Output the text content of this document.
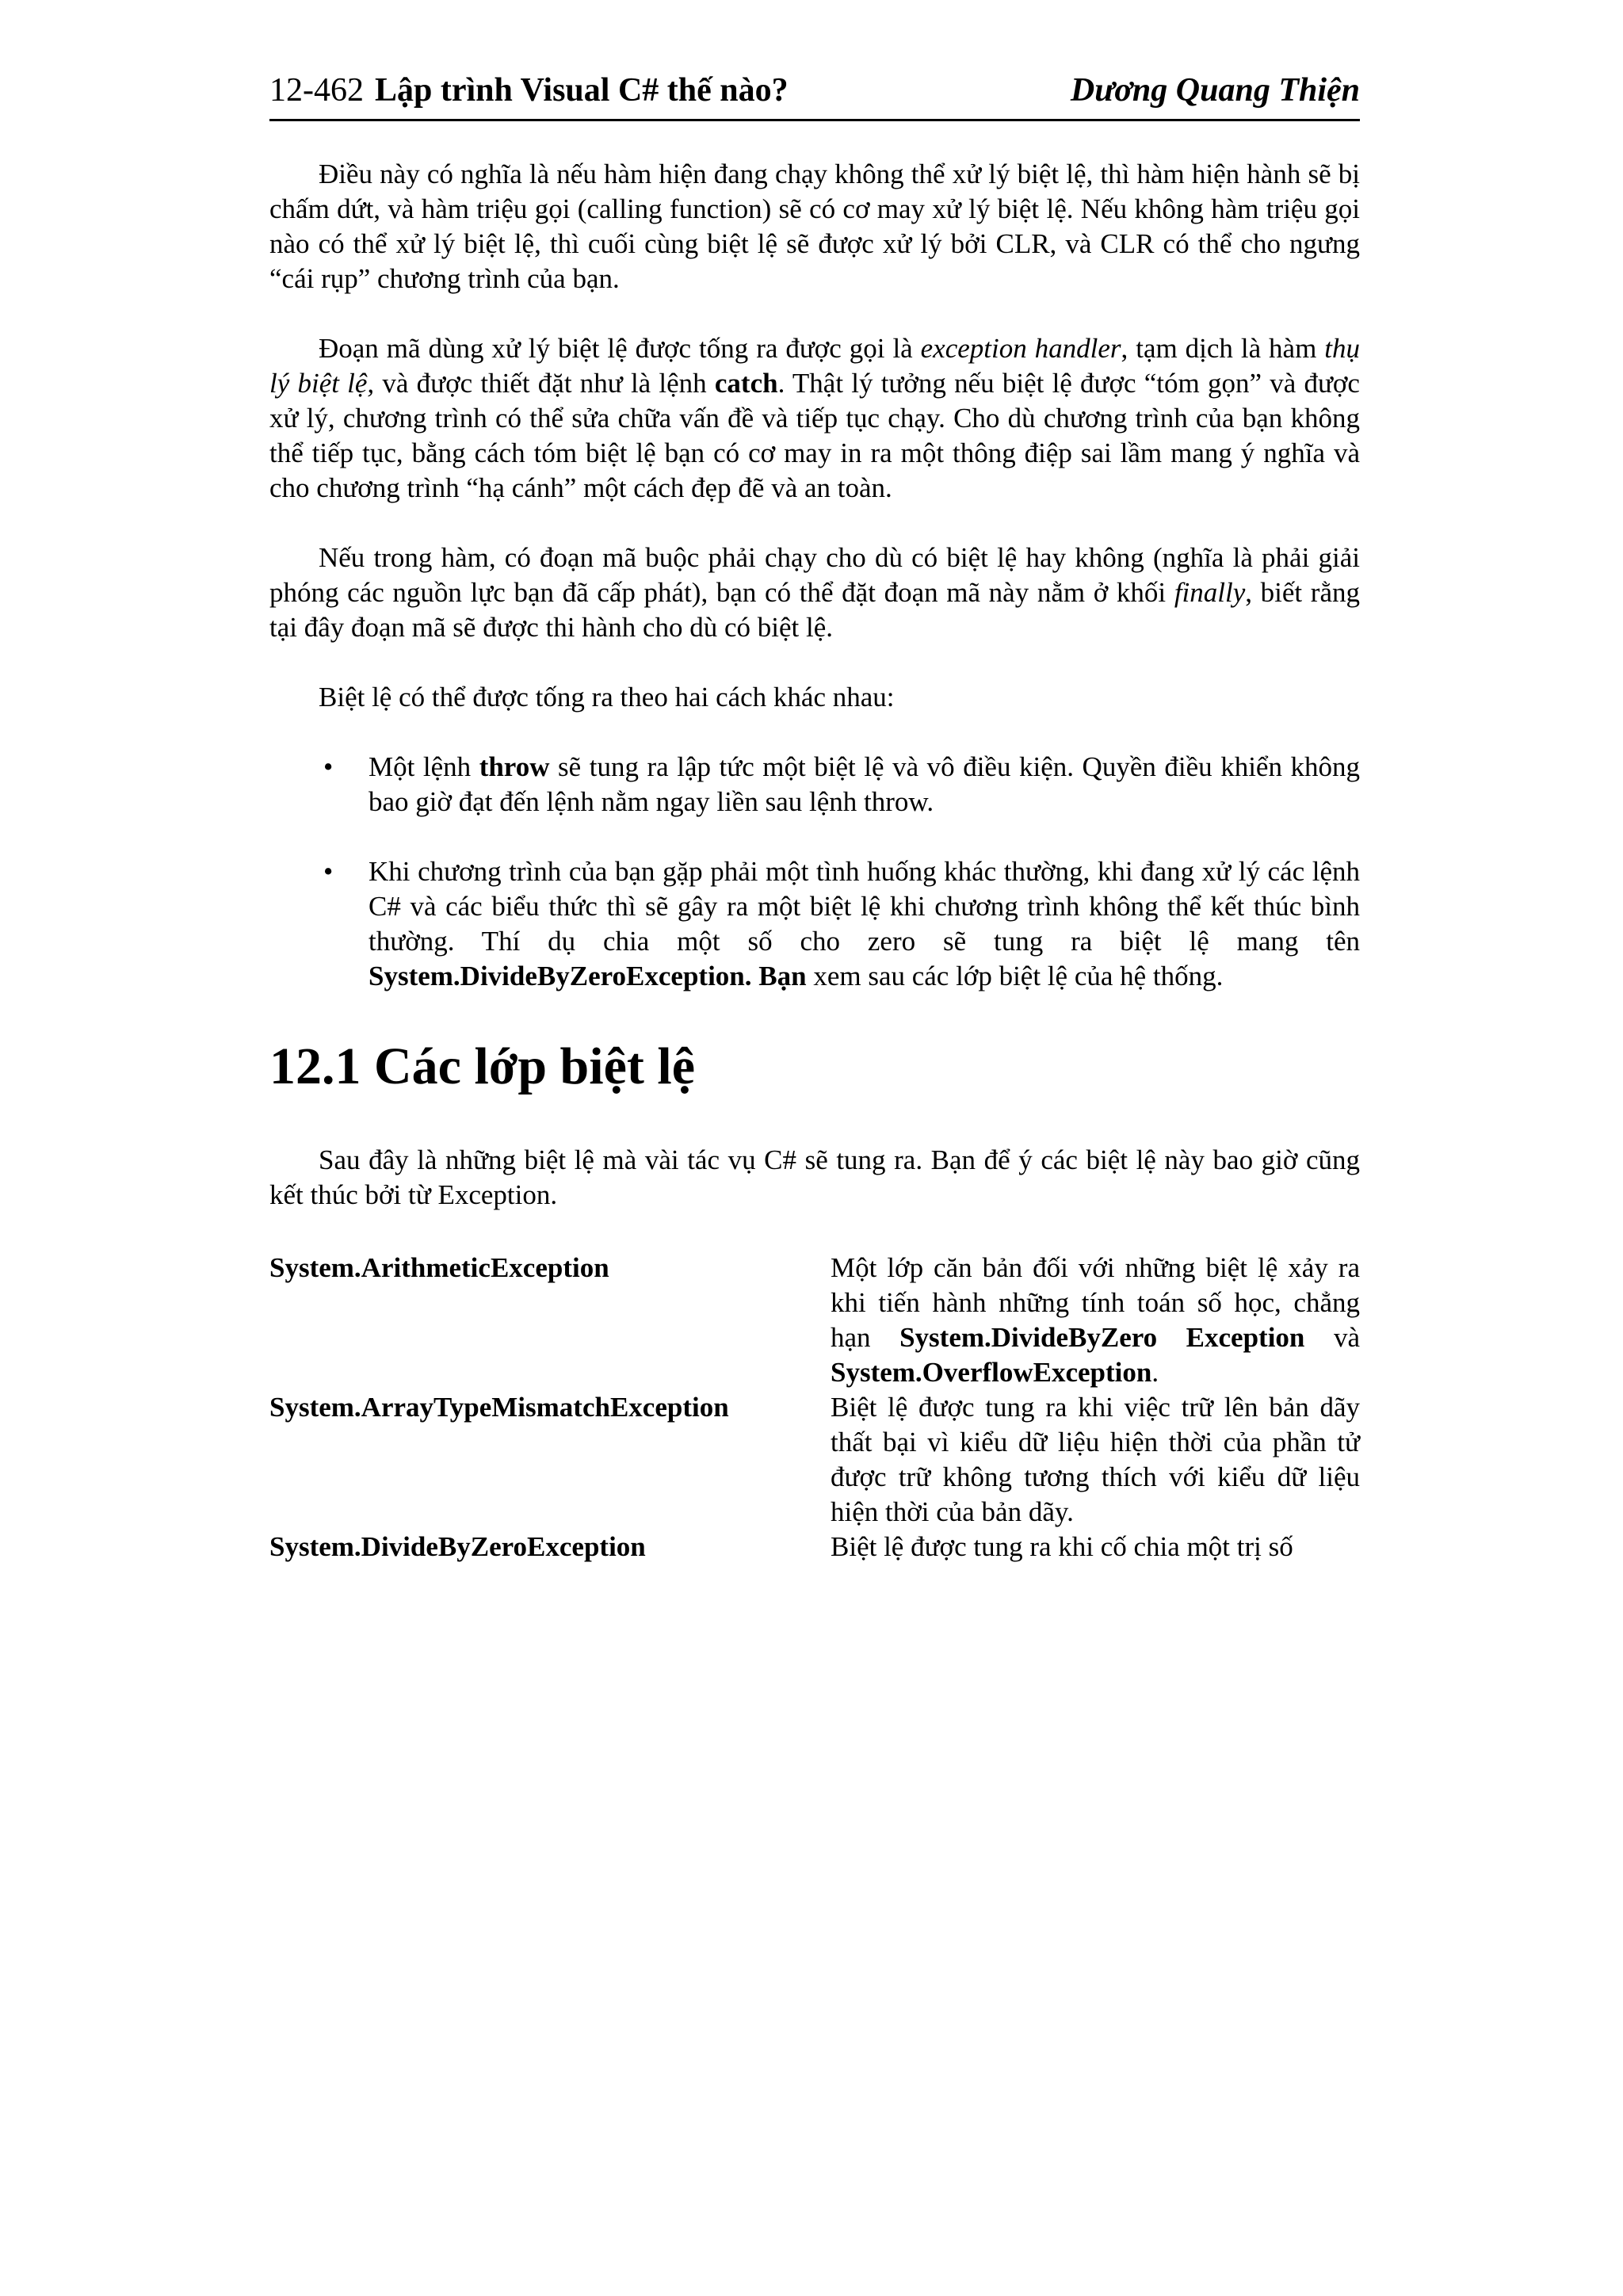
12-462 Lập trình Visual C# thế nào?	Dương Quang Thiện

Điều này có nghĩa là nếu hàm hiện đang chạy không thể xử lý biệt lệ, thì hàm hiện hành sẽ bị chấm dứt, và hàm triệu gọi (calling function) sẽ có cơ may xử lý biệt lệ. Nếu không hàm triệu gọi nào có thể xử lý biệt lệ, thì cuối cùng biệt lệ sẽ được xử lý bởi CLR, và CLR có thể cho ngưng “cái rụp” chương trình của bạn.

Đoạn mã dùng xử lý biệt lệ được tống ra được gọi là exception handler, tạm dịch là hàm thụ lý biệt lệ, và được thiết đặt như là lệnh catch. Thật lý tưởng nếu biệt lệ được “tóm gọn” và được xử lý, chương trình có thể sửa chữa vấn đề và tiếp tục chạy. Cho dù chương trình của bạn không thể tiếp tục, bằng cách tóm biệt lệ bạn có cơ may in ra một thông điệp sai lầm mang ý nghĩa và cho chương trình “hạ cánh” một cách đẹp đẽ và an toàn.

Nếu trong hàm, có đoạn mã buộc phải chạy cho dù có biệt lệ hay không (nghĩa là phải giải phóng các nguồn lực bạn đã cấp phát), bạn có thể đặt đoạn mã này nằm ở khối finally, biết rằng tại đây đoạn mã sẽ được thi hành cho dù có biệt lệ.

Biệt lệ có thể được tống ra theo hai cách khác nhau:

• Một lệnh throw sẽ tung ra lập tức một biệt lệ và vô điều kiện. Quyền điều khiển không bao giờ đạt đến lệnh nằm ngay liền sau lệnh throw.
• Khi chương trình của bạn gặp phải một tình huống khác thường, khi đang xử lý các lệnh C# và các biểu thức thì sẽ gây ra một biệt lệ khi chương trình không thể kết thúc bình thường. Thí dụ chia một số cho zero sẽ tung ra biệt lệ mang tên System.DivideByZeroException. Bạn xem sau các lớp biệt lệ của hệ thống.
12.1 Các lớp biệt lệ

Sau đây là những biệt lệ mà vài tác vụ C# sẽ tung ra. Bạn để ý các biệt lệ này bao giờ cũng kết thúc bởi từ Exception.

System.ArithmeticException	Một lớp căn bản đối với những biệt lệ xảy ra khi tiến hành những tính toán số học, chẳng hạn System.DivideByZero Exception và System.OverflowException.
System.ArrayTypeMismatchException	Biệt lệ được tung ra khi việc trữ lên bản dãy thất bại vì kiểu dữ liệu hiện thời của phần tử được trữ không tương thích với kiểu dữ liệu hiện thời của bản dãy.
System.DivideByZeroException	Biệt lệ được tung ra khi cố chia một trị số
